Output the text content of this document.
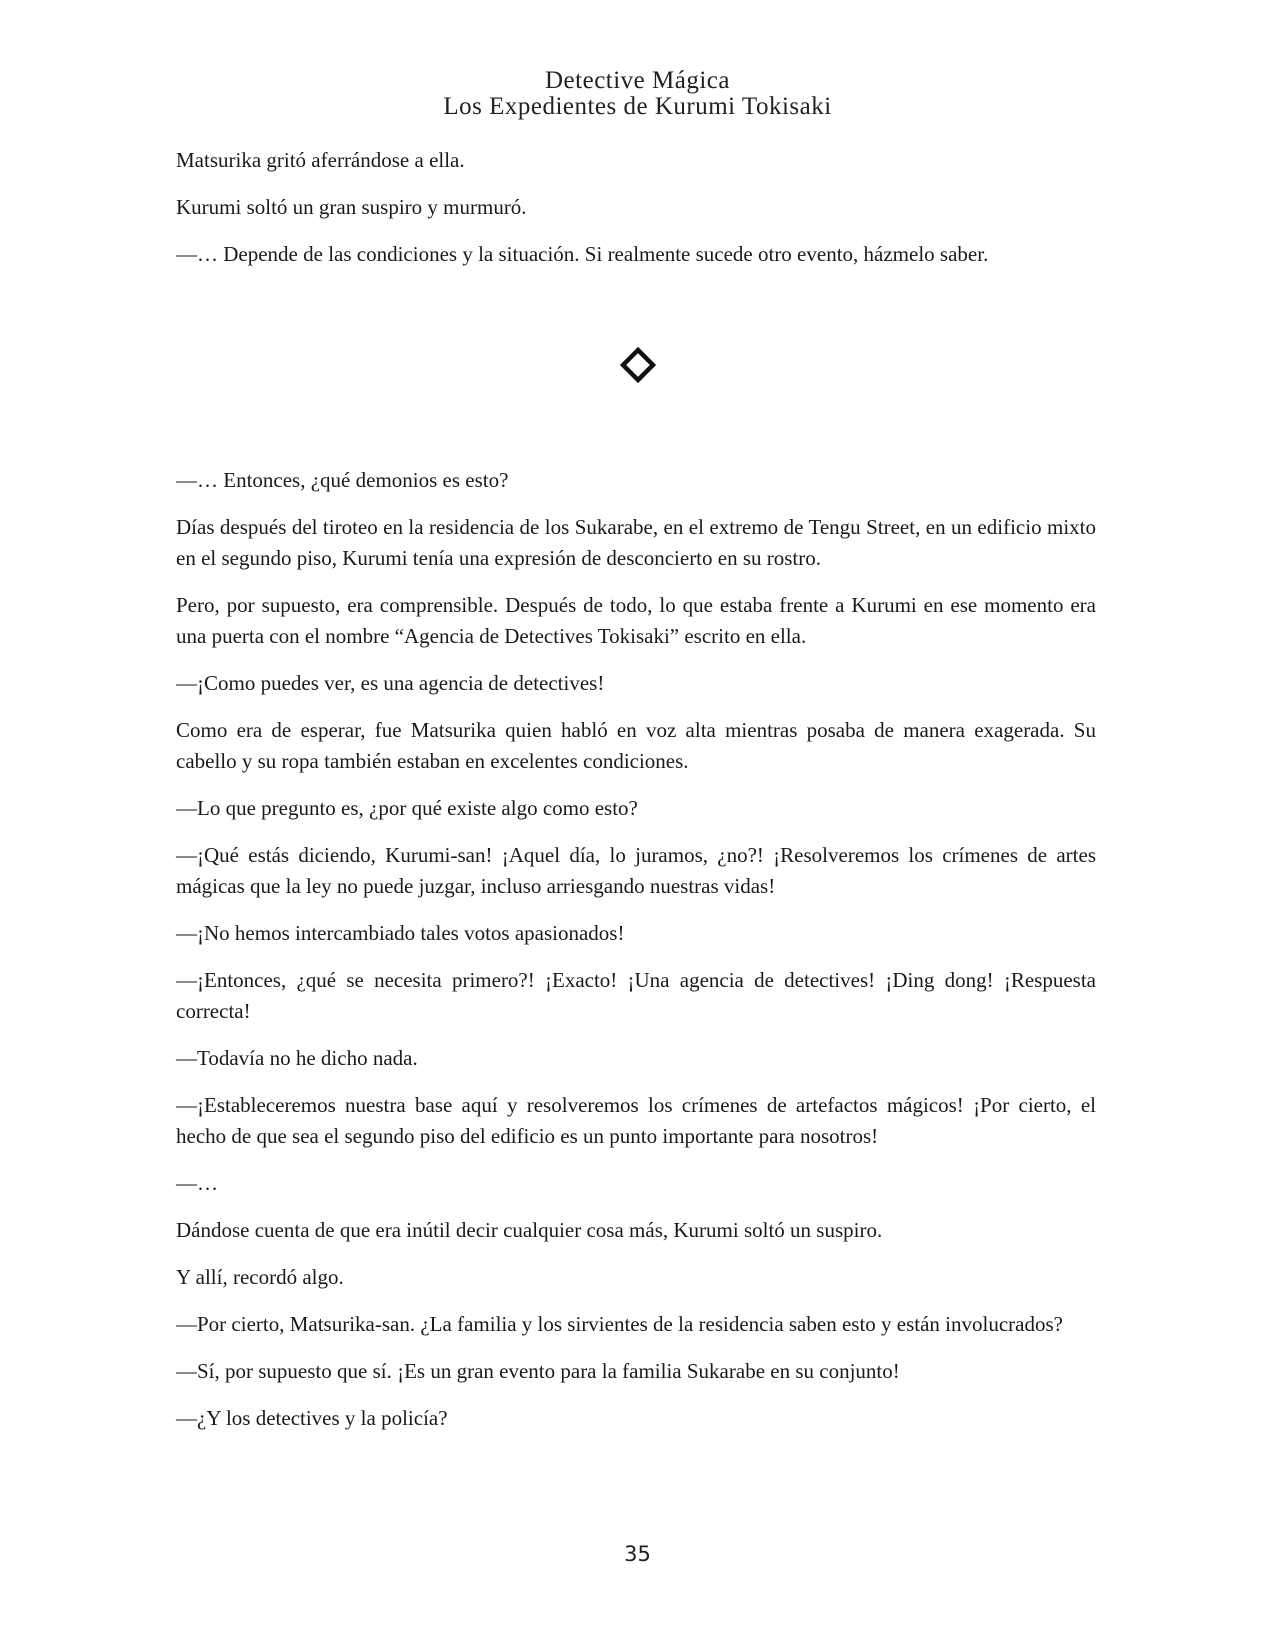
Detective Mágica
Los Expedientes de Kurumi Tokisaki

Matsurika gritó aferrándose a ella.

Kurumi soltó un gran suspiro y murmuró.

—… Depende de las condiciones y la situación. Si realmente sucede otro evento, házmelo saber.

—… Entonces, ¿qué demonios es esto?

Días después del tiroteo en la residencia de los Sukarabe, en el extremo de Tengu Street, en un edificio mixto en el segundo piso, Kurumi tenía una expresión de desconcierto en su rostro.

Pero, por supuesto, era comprensible. Después de todo, lo que estaba frente a Kurumi en ese momento era una puerta con el nombre “Agencia de Detectives Tokisaki” escrito en ella.

—¡Como puedes ver, es una agencia de detectives!

Como era de esperar, fue Matsurika quien habló en voz alta mientras posaba de manera exagerada. Su cabello y su ropa también estaban en excelentes condiciones.

—Lo que pregunto es, ¿por qué existe algo como esto?

—¡Qué estás diciendo, Kurumi-san! ¡Aquel día, lo juramos, ¿no?! ¡Resolveremos los crímenes de artes mágicas que la ley no puede juzgar, incluso arriesgando nuestras vidas!

—¡No hemos intercambiado tales votos apasionados!

—¡Entonces, ¿qué se necesita primero?! ¡Exacto! ¡Una agencia de detectives! ¡Ding dong! ¡Respuesta correcta!

—Todavía no he dicho nada.

—¡Estableceremos nuestra base aquí y resolveremos los crímenes de artefactos mágicos! ¡Por cierto, el hecho de que sea el segundo piso del edificio es un punto importante para nosotros!

—…

Dándose cuenta de que era inútil decir cualquier cosa más, Kurumi soltó un suspiro.

Y allí, recordó algo.

—Por cierto, Matsurika-san. ¿La familia y los sirvientes de la residencia saben esto y están involucrados?

—Sí, por supuesto que sí. ¡Es un gran evento para la familia Sukarabe en su conjunto!

—¿Y los detectives y la policía?

35
